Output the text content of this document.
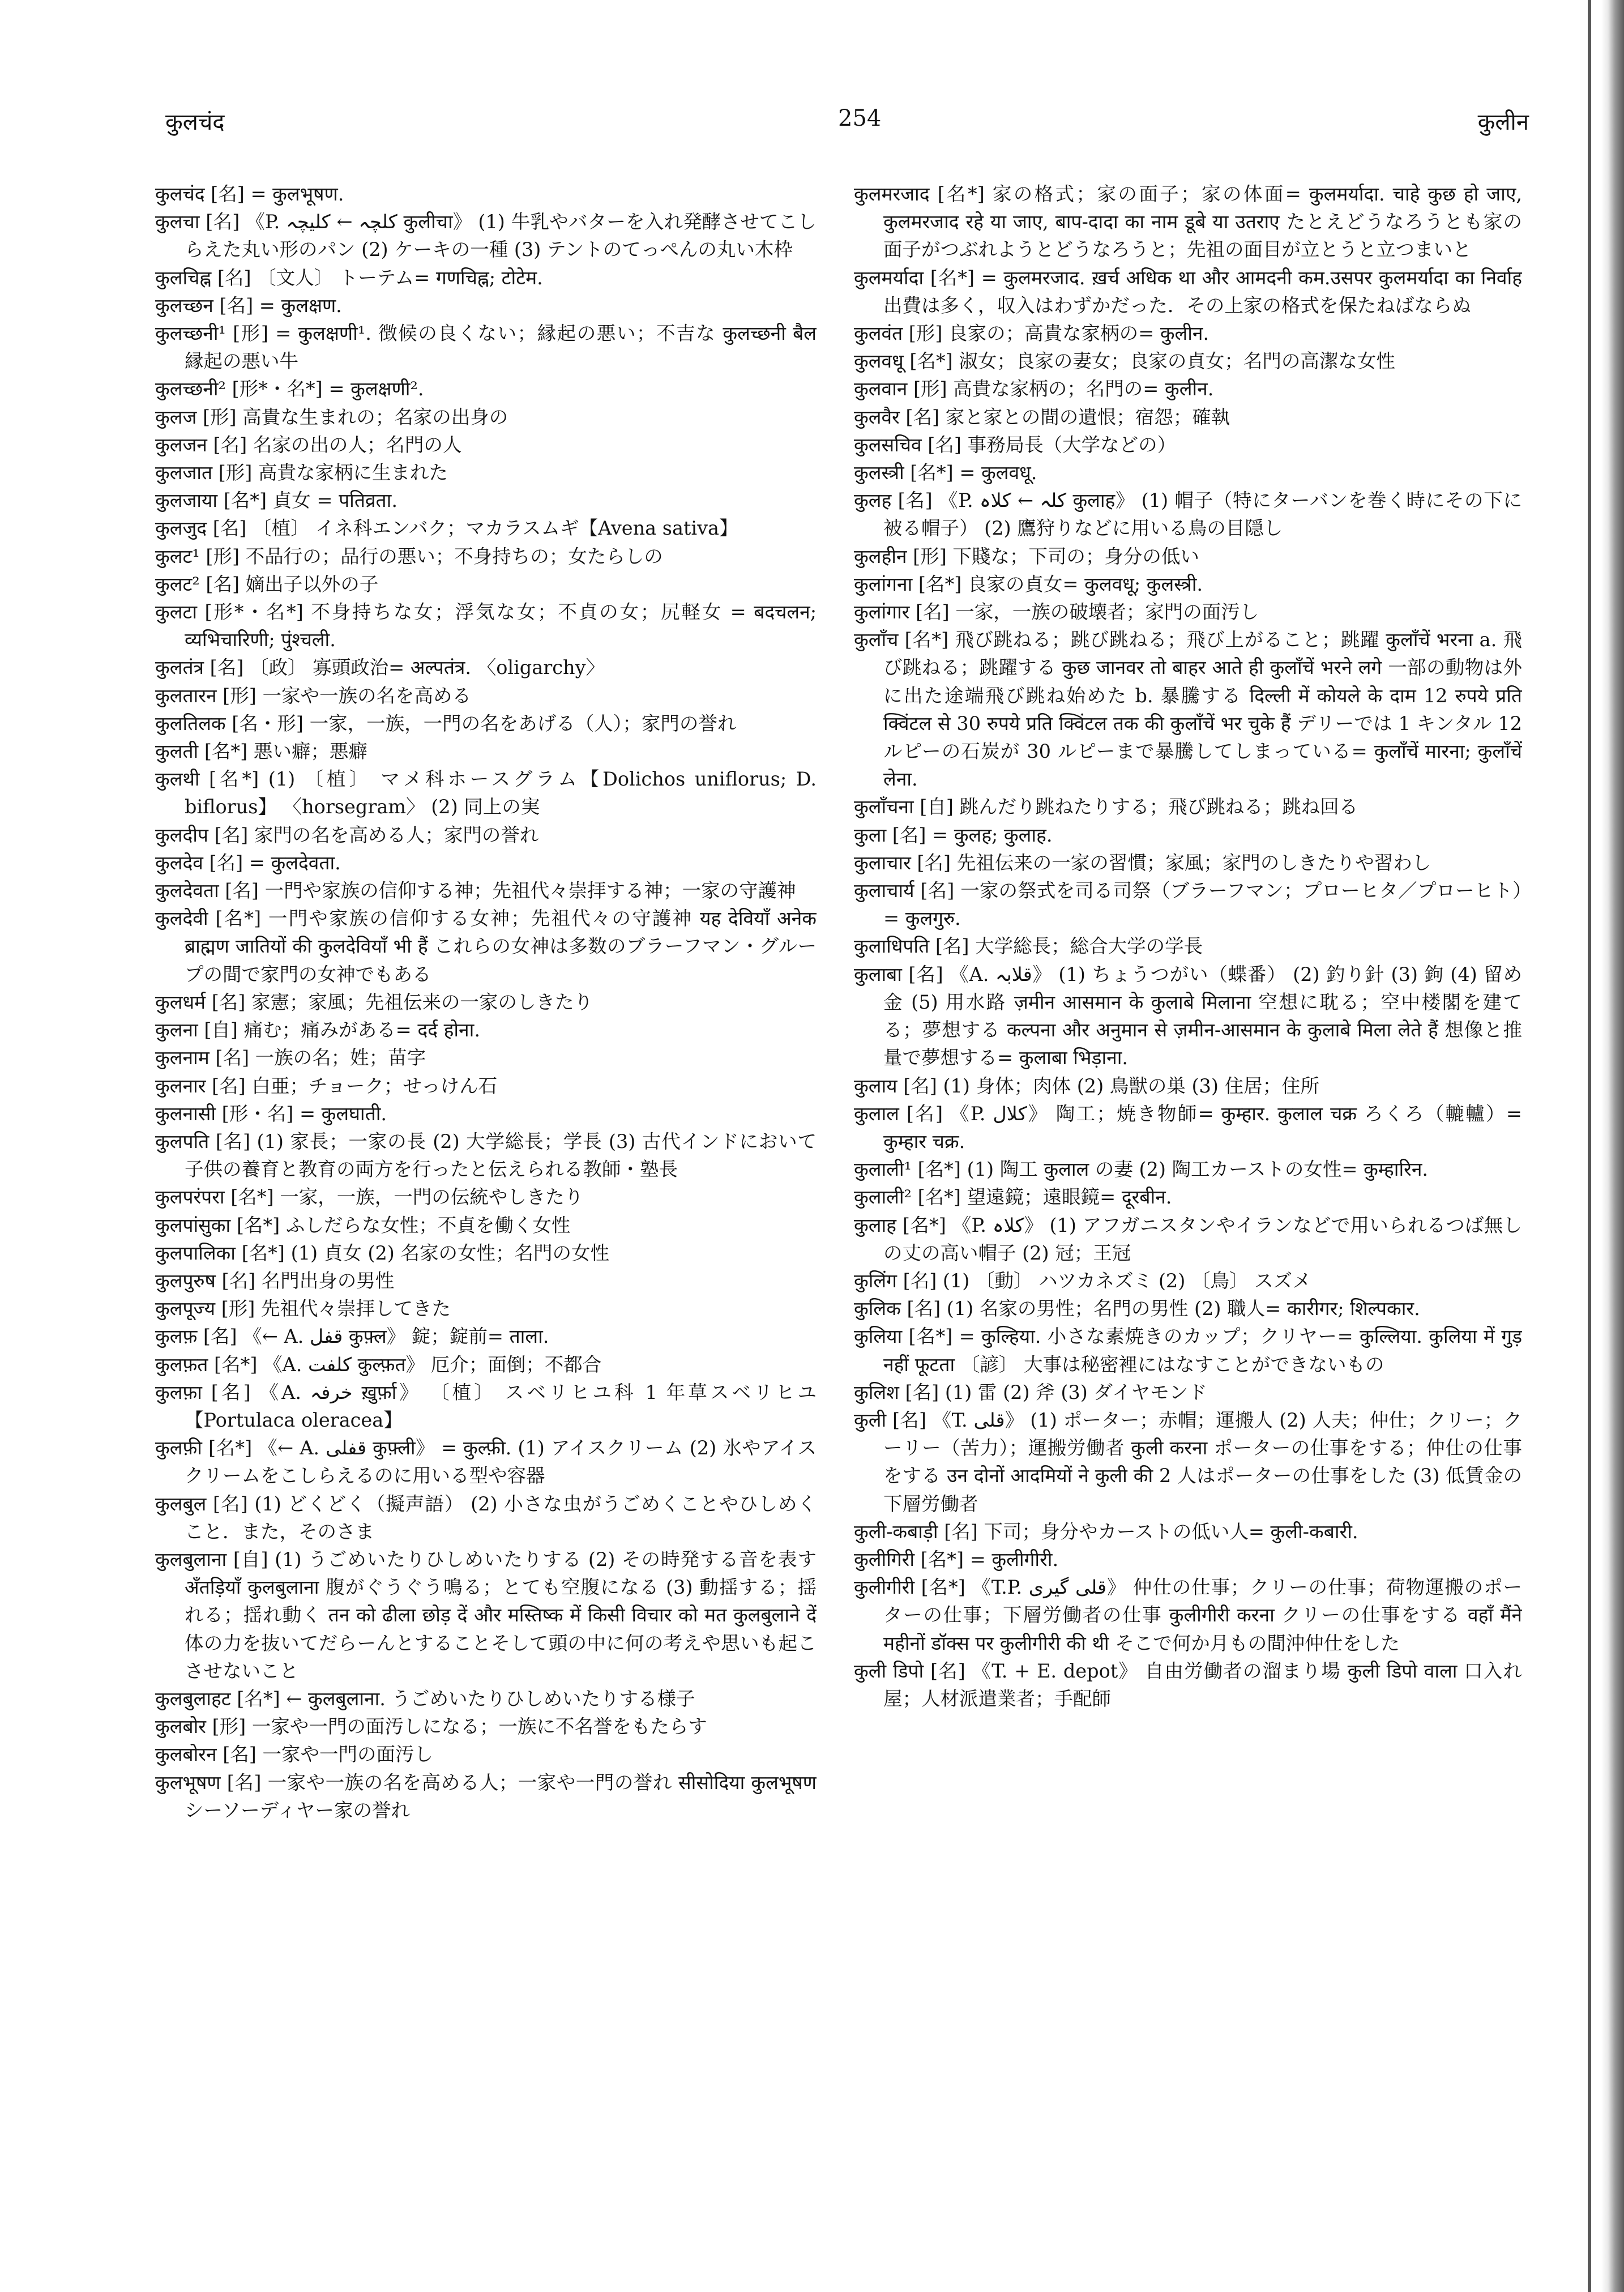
कुलचंद	254	कुलीन

कुलचंद [名] = कुलभूषण.

कुलचा [名] 《P. کلچہ ← کلیچہ कुलीचा》 (1) 牛乳やバターを入れ発酵させてこしらえた丸い形のパン (2) ケーキの一種 (3) テントのてっぺんの丸い木枠

कुलचिह्न [名] 〔文人〕 トーテム= गणचिह्न; टोटेम.

कुलच्छन [名] = कुलक्षण.

कुलच्छनी¹ [形] = कुलक्षणी¹. 徴候の良くない；縁起の悪い；不吉な कुलच्छनी बैल 縁起の悪い牛

कुलच्छनी² [形*・名*] = कुलक्षणी².

कुलज [形] 高貴な生まれの；名家の出身の

कुलजन [名] 名家の出の人；名門の人

कुलजात [形] 高貴な家柄に生まれた

कुलजाया [名*] 貞女 = पतिव्रता.

कुलजुद [名] 〔植〕 イネ科エンバク；マカラスムギ【Avena sativa】

कुलट¹ [形] 不品行の；品行の悪い；不身持ちの；女たらしの

कुलट² [名] 嫡出子以外の子

कुलटा [形*・名*] 不身持ちな女；浮気な女；不貞の女；尻軽女 = बदचलन; व्यभिचारिणी; पुंश्चली.

कुलतंत्र [名] 〔政〕 寡頭政治= अल्पतंत्र. 〈oligarchy〉

कुलतारन [形] 一家や一族の名を高める

कुलतिलक [名・形] 一家，一族，一門の名をあげる（人）；家門の誉れ

कुलती [名*] 悪い癖；悪癖

कुलथी [名*] (1) 〔植〕 マメ科ホースグラム【Dolichos uniflorus; D. biflorus】 〈horsegram〉 (2) 同上の実

कुलदीप [名] 家門の名を高める人；家門の誉れ

कुलदेव [名] = कुलदेवता.

कुलदेवता [名] 一門や家族の信仰する神；先祖代々崇拝する神；一家の守護神

कुलदेवी [名*] 一門や家族の信仰する女神；先祖代々の守護神 यह देवियाँ अनेक ब्राह्मण जातियों की कुलदेवियाँ भी हैं これらの女神は多数のブラーフマン・グループの間で家門の女神でもある

कुलधर्म [名] 家憲；家風；先祖伝来の一家のしきたり

कुलना [自] 痛む；痛みがある= दर्द होना.

कुलनाम [名] 一族の名；姓；苗字

कुलनार [名] 白亜；チョーク；せっけん石

कुलनासी [形・名] = कुलघाती.

कुलपति [名] (1) 家長；一家の長 (2) 大学総長；学長 (3) 古代インドにおいて子供の養育と教育の両方を行ったと伝えられる教師・塾長

कुलपरंपरा [名*] 一家，一族，一門の伝統やしきたり

कुलपांसुका [名*] ふしだらな女性；不貞を働く女性

कुलपालिका [名*] (1) 貞女 (2) 名家の女性；名門の女性

कुलपुरुष [名] 名門出身の男性

कुलपूज्य [形] 先祖代々崇拝してきた

कुलफ़ [名] 《← A. قفل कुफ़्ल》 錠；錠前= ताला.

कुलफ़त [名*] 《A. کلفت कुल्फ़त》 厄介；面倒；不都合

कुलफ़ा [名] 《A. خرفہ ख़ुर्फ़ा》 〔植〕 スベリヒユ科 1 年草スベリヒユ【Portulaca oleracea】

कुलफ़ी [名*] 《← A. قفلی कुफ़्ली》 = कुल्फ़ी. (1) アイスクリーム (2) 氷やアイスクリームをこしらえるのに用いる型や容器

कुलबुल [名] (1) どくどく（擬声語） (2) 小さな虫がうごめくことやひしめくこと．また，そのさま

कुलबुलाना [自] (1) うごめいたりひしめいたりする (2) その時発する音を表す अँतड़ियाँ कुलबुलाना 腹がぐうぐう鳴る；とても空腹になる (3) 動揺する；揺れる；揺れ動く तन को ढीला छोड़ दें और मस्तिष्क में किसी विचार को मत कुलबुलाने दें 体の力を抜いてだらーんとすることそして頭の中に何の考えや思いも起こさせないこと

कुलबुलाहट [名*] ← कुलबुलाना. うごめいたりひしめいたりする様子

कुलबोर [形] 一家や一門の面汚しになる；一族に不名誉をもたらす

कुलबोरन [名] 一家や一門の面汚し

कुलभूषण [名] 一家や一族の名を高める人；一家や一門の誉れ सीसोदिया कुलभूषण シーソーディヤー家の誉れ

कुलमरजाद [名*] 家の格式；家の面子；家の体面= कुलमर्यादा. चाहे कुछ हो जाए, कुलमरजाद रहे या जाए, बाप-दादा का नाम डूबे या उतराए たとえどうなろうとも家の面子がつぶれようとどうなろうと；先祖の面目が立とうと立つまいと

कुलमर्यादा [名*] = कुलमरजाद. ख़र्च अधिक था और आमदनी कम.उसपर कुलमर्यादा का निर्वाह 出費は多く，収入はわずかだった．その上家の格式を保たねばならぬ

कुलवंत [形] 良家の；高貴な家柄の= कुलीन.

कुलवधू [名*] 淑女；良家の妻女；良家の貞女；名門の高潔な女性

कुलवान [形] 高貴な家柄の；名門の= कुलीन.

कुलवैर [名] 家と家との間の遺恨；宿怨；確執

कुलसचिव [名] 事務局長（大学などの）

कुलस्त्री [名*] = कुलवधू.

कुलह [名] 《P. کلہ ← کلاہ कुलाह》 (1) 帽子（特にターバンを巻く時にその下に被る帽子） (2) 鷹狩りなどに用いる鳥の目隠し

कुलहीन [形] 下賤な；下司の；身分の低い

कुलांगना [名*] 良家の貞女= कुलवधू; कुलस्त्री.

कुलांगार [名] 一家，一族の破壊者；家門の面汚し

कुलाँच [名*] 飛び跳ねる；跳び跳ねる；飛び上がること；跳躍 कुलाँचें भरना a. 飛び跳ねる；跳躍する कुछ जानवर तो बाहर आते ही कुलाँचें भरने लगे 一部の動物は外に出た途端飛び跳ね始めた b. 暴騰する दिल्ली में कोयले के दाम 12 रुपये प्रति क्विंटल से 30 रुपये प्रति क्विंटल तक की कुलाँचें भर चुके हैं デリーでは 1 キンタル 12 ルピーの石炭が 30 ルピーまで暴騰してしまっている= कुलाँचें मारना; कुलाँचें लेना.

कुलाँचना [自] 跳んだり跳ねたりする；飛び跳ねる；跳ね回る

कुला [名] = कुलह; कुलाह.

कुलाचार [名] 先祖伝来の一家の習慣；家風；家門のしきたりや習わし

कुलाचार्य [名] 一家の祭式を司る司祭（ブラーフマン；プローヒタ／プローヒト）= कुलगुरु.

कुलाधिपति [名] 大学総長；総合大学の学長

कुलाबा [名] 《A. قلابہ》 (1) ちょうつがい（蝶番） (2) 釣り針 (3) 鉤 (4) 留め金 (5) 用水路 ज़मीन आसमान के कुलाबे मिलाना 空想に耽る；空中楼閣を建てる；夢想する कल्पना और अनुमान से ज़मीन-आसमान के कुलाबे मिला लेते हैं 想像と推量で夢想する= कुलाबा भिड़ाना.

कुलाय [名] (1) 身体；肉体 (2) 鳥獣の巣 (3) 住居；住所

कुलाल [名] 《P. کلال》 陶工；焼き物師= कुम्हार. कुलाल चक्र ろくろ（轆轤）= कुम्हार चक्र.

कुलाली¹ [名*] (1) 陶工 कुलाल の妻 (2) 陶工カーストの女性= कुम्हारिन.

कुलाली² [名*] 望遠鏡；遠眼鏡= दूरबीन.

कुलाह [名*] 《P. کلاہ》 (1) アフガニスタンやイランなどで用いられるつば無しの丈の高い帽子 (2) 冠；王冠

कुलिंग [名] (1) 〔動〕 ハツカネズミ (2) 〔鳥〕 スズメ

कुलिक [名] (1) 名家の男性；名門の男性 (2) 職人= कारीगर; शिल्पकार.

कुलिया [名*] = कुल्हिया. 小さな素焼きのカップ；クリヤー= कुल्लिया. कुलिया में गुड़ नहीं फूटता 〔諺〕 大事は秘密裡にはなすことができないもの

कुलिश [名] (1) 雷 (2) 斧 (3) ダイヤモンド

कुली [名] 《T. قلی》 (1) ポーター；赤帽；運搬人 (2) 人夫；仲仕；クリー；クーリー（苦力）；運搬労働者 कुली करना ポーターの仕事をする；仲仕の仕事をする उन दोनों आदमियों ने कुली की 2 人はポーターの仕事をした (3) 低賃金の下層労働者

कुली-कबाड़ी [名] 下司；身分やカーストの低い人= कुली-कबारी.

कुलीगिरी [名*] = कुलीगीरी.

कुलीगीरी [名*] 《T.P. قلی گیری》 仲仕の仕事；クリーの仕事；荷物運搬のポーターの仕事；下層労働者の仕事 कुलीगीरी करना クリーの仕事をする वहाँ मैंने महीनों डॉक्स पर कुलीगीरी की थी そこで何か月もの間沖仲仕をした

कुली डिपो [名] 《T. + E. depot》 自由労働者の溜まり場 कुली डिपो वाला 口入れ屋；人材派遣業者；手配師
